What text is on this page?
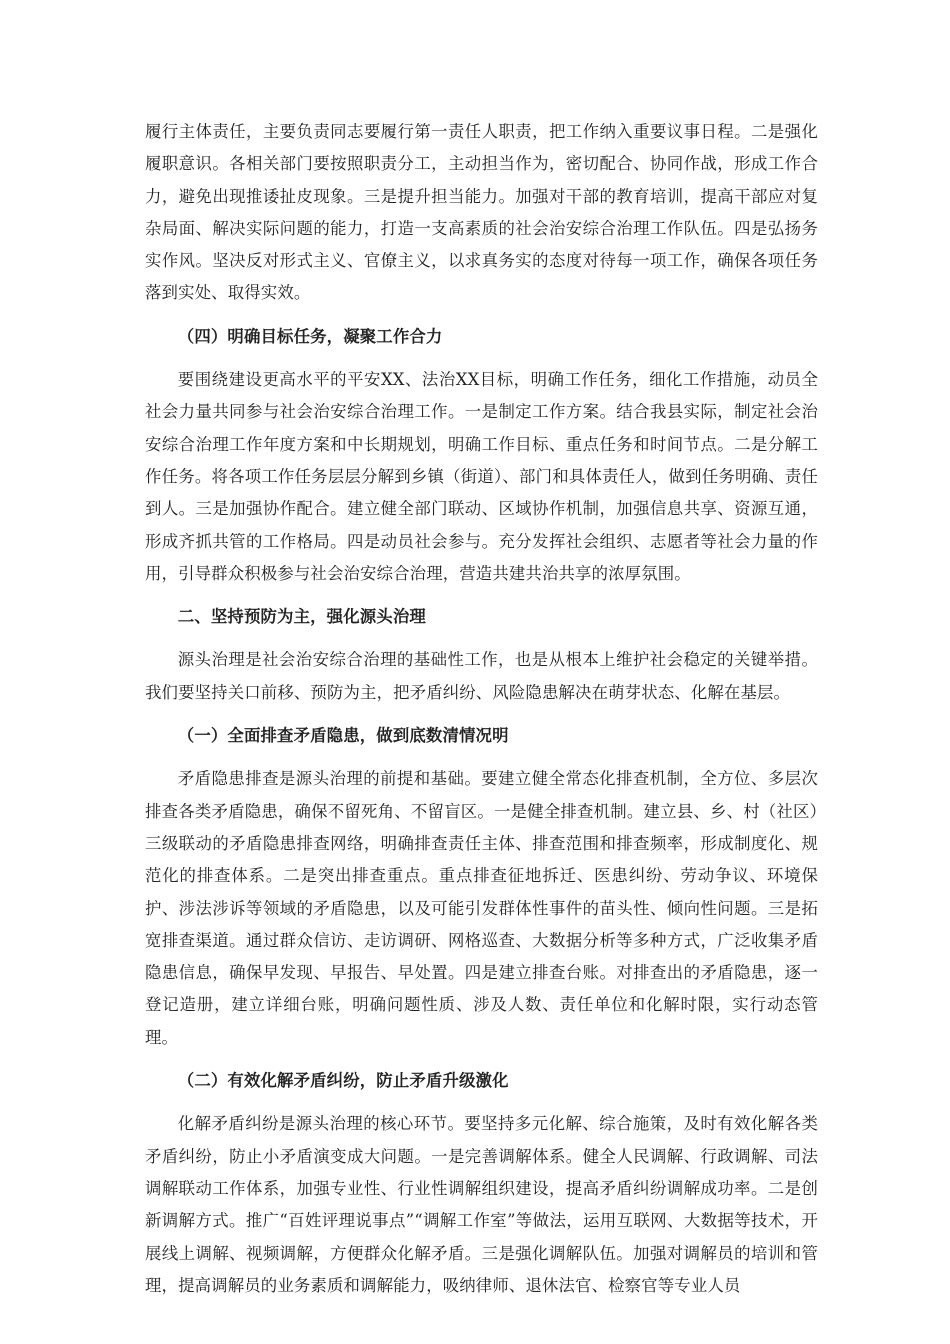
履行主体责任，主要负责同志要履行第一责任人职责，把工作纳入重要议事日程。二是强化履职意识。各相关部门要按照职责分工，主动担当作为，密切配合、协同作战，形成工作合力，避免出现推诿扯皮现象。三是提升担当能力。加强对干部的教育培训，提高干部应对复杂局面、解决实际问题的能力，打造一支高素质的社会治安综合治理工作队伍。四是弘扬务实作风。坚决反对形式主义、官僚主义，以求真务实的态度对待每一项工作，确保各项任务落到实处、取得实效。

（四）明确目标任务，凝聚工作合力

要围绕建设更高水平的平安XX、法治XX目标，明确工作任务，细化工作措施，动员全社会力量共同参与社会治安综合治理工作。一是制定工作方案。结合我县实际，制定社会治安综合治理工作年度方案和中长期规划，明确工作目标、重点任务和时间节点。二是分解工作任务。将各项工作任务层层分解到乡镇（街道）、部门和具体责任人，做到任务明确、责任到人。三是加强协作配合。建立健全部门联动、区域协作机制，加强信息共享、资源互通，形成齐抓共管的工作格局。四是动员社会参与。充分发挥社会组织、志愿者等社会力量的作用，引导群众积极参与社会治安综合治理，营造共建共治共享的浓厚氛围。

二、坚持预防为主，强化源头治理

源头治理是社会治安综合治理的基础性工作，也是从根本上维护社会稳定的关键举措。我们要坚持关口前移、预防为主，把矛盾纠纷、风险隐患解决在萌芽状态、化解在基层。

（一）全面排查矛盾隐患，做到底数清情况明

矛盾隐患排查是源头治理的前提和基础。要建立健全常态化排查机制，全方位、多层次排查各类矛盾隐患，确保不留死角、不留盲区。一是健全排查机制。建立县、乡、村（社区）三级联动的矛盾隐患排查网络，明确排查责任主体、排查范围和排查频率，形成制度化、规范化的排查体系。二是突出排查重点。重点排查征地拆迁、医患纠纷、劳动争议、环境保护、涉法涉诉等领域的矛盾隐患，以及可能引发群体性事件的苗头性、倾向性问题。三是拓宽排查渠道。通过群众信访、走访调研、网格巡查、大数据分析等多种方式，广泛收集矛盾隐患信息，确保早发现、早报告、早处置。四是建立排查台账。对排查出的矛盾隐患，逐一登记造册，建立详细台账，明确问题性质、涉及人数、责任单位和化解时限，实行动态管理。

（二）有效化解矛盾纠纷，防止矛盾升级激化

化解矛盾纠纷是源头治理的核心环节。要坚持多元化解、综合施策，及时有效化解各类矛盾纠纷，防止小矛盾演变成大问题。一是完善调解体系。健全人民调解、行政调解、司法调解联动工作体系，加强专业性、行业性调解组织建设，提高矛盾纠纷调解成功率。二是创新调解方式。推广“百姓评理说事点”“调解工作室”等做法，运用互联网、大数据等技术，开展线上调解、视频调解，方便群众化解矛盾。三是强化调解队伍。加强对调解员的培训和管理，提高调解员的业务素质和调解能力，吸纳律师、退休法官、检察官等专业人员
